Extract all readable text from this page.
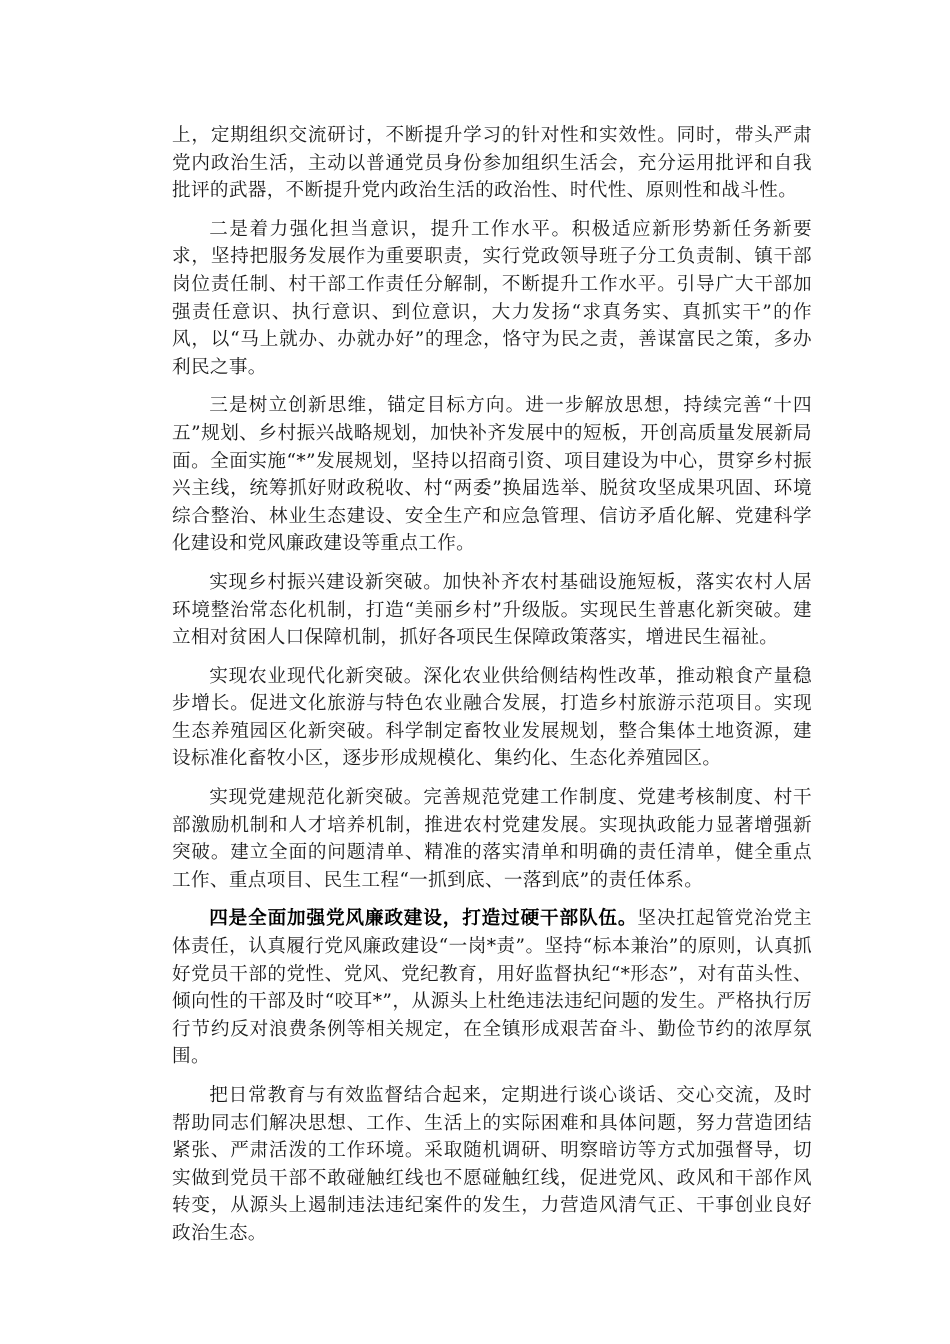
上，定期组织交流研讨，不断提升学习的针对性和实效性。同时，带头严肃党内政治生活，主动以普通党员身份参加组织生活会，充分运用批评和自我批评的武器，不断提升党内政治生活的政治性、时代性、原则性和战斗性。

二是着力强化担当意识，提升工作水平。积极适应新形势新任务新要求，坚持把服务发展作为重要职责，实行党政领导班子分工负责制、镇干部岗位责任制、村干部工作责任分解制，不断提升工作水平。引导广大干部加强责任意识、执行意识、到位意识，大力发扬“求真务实、真抓实干”的作风，以“马上就办、办就办好”的理念，恪守为民之责，善谋富民之策，多办利民之事。

三是树立创新思维，锚定目标方向。进一步解放思想，持续完善“十四五”规划、乡村振兴战略规划，加快补齐发展中的短板，开创高质量发展新局面。全面实施“*”发展规划，坚持以招商引资、项目建设为中心，贯穿乡村振兴主线，统筹抓好财政税收、村“两委”换届选举、脱贫攻坚成果巩固、环境综合整治、林业生态建设、安全生产和应急管理、信访矛盾化解、党建科学化建设和党风廉政建设等重点工作。

实现乡村振兴建设新突破。加快补齐农村基础设施短板，落实农村人居环境整治常态化机制，打造“美丽乡村”升级版。实现民生普惠化新突破。建立相对贫困人口保障机制，抓好各项民生保障政策落实，增进民生福祉。

实现农业现代化新突破。深化农业供给侧结构性改革，推动粮食产量稳步增长。促进文化旅游与特色农业融合发展，打造乡村旅游示范项目。实现生态养殖园区化新突破。科学制定畜牧业发展规划，整合集体土地资源，建设标准化畜牧小区，逐步形成规模化、集约化、生态化养殖园区。

实现党建规范化新突破。完善规范党建工作制度、党建考核制度、村干部激励机制和人才培养机制，推进农村党建发展。实现执政能力显著增强新突破。建立全面的问题清单、精准的落实清单和明确的责任清单，健全重点工作、重点项目、民生工程“一抓到底、一落到底”的责任体系。

四是全面加强党风廉政建设，打造过硬干部队伍。坚决扛起管党治党主体责任，认真履行党风廉政建设“一岗*责”。坚持“标本兼治”的原则，认真抓好党员干部的党性、党风、党纪教育，用好监督执纪“*形态”，对有苗头性、倾向性的干部及时“咬耳*”，从源头上杜绝违法违纪问题的发生。严格执行厉行节约反对浪费条例等相关规定，在全镇形成艰苦奋斗、勤俭节约的浓厚氛围。

把日常教育与有效监督结合起来，定期进行谈心谈话、交心交流，及时帮助同志们解决思想、工作、生活上的实际困难和具体问题，努力营造团结紧张、严肃活泼的工作环境。采取随机调研、明察暗访等方式加强督导，切实做到党员干部不敢碰触红线也不愿碰触红线，促进党风、政风和干部作风转变，从源头上遏制违法违纪案件的发生，力营造风清气正、干事创业良好政治生态。
